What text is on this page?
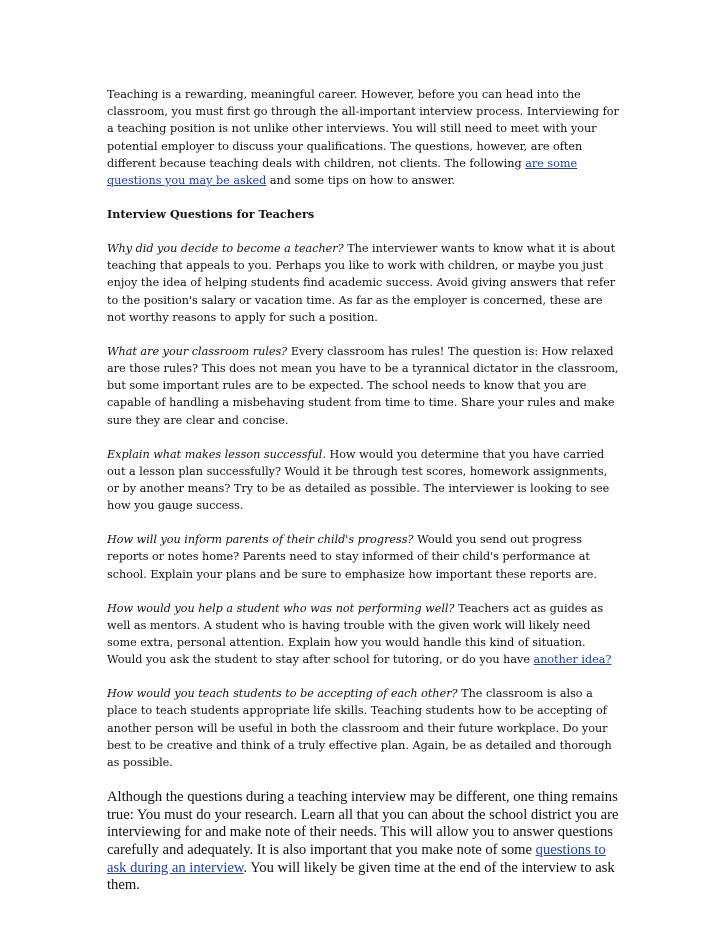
Teaching is a rewarding, meaningful career. However, before you can head into the classroom, you must first go through the all-important interview process. Interviewing for a teaching position is not unlike other interviews. You will still need to meet with your potential employer to discuss your qualifications. The questions, however, are often different because teaching deals with children, not clients. The following are some questions you may be asked and some tips on how to answer.

Interview Questions for Teachers

Why did you decide to become a teacher? The interviewer wants to know what it is about teaching that appeals to you. Perhaps you like to work with children, or maybe you just enjoy the idea of helping students find academic success. Avoid giving answers that refer to the position's salary or vacation time. As far as the employer is concerned, these are not worthy reasons to apply for such a position.

What are your classroom rules? Every classroom has rules! The question is: How relaxed are those rules? This does not mean you have to be a tyrannical dictator in the classroom, but some important rules are to be expected. The school needs to know that you are capable of handling a misbehaving student from time to time. Share your rules and make sure they are clear and concise.

Explain what makes lesson successful. How would you determine that you have carried out a lesson plan successfully? Would it be through test scores, homework assignments, or by another means? Try to be as detailed as possible. The interviewer is looking to see how you gauge success.

How will you inform parents of their child's progress? Would you send out progress reports or notes home? Parents need to stay informed of their child's performance at school. Explain your plans and be sure to emphasize how important these reports are.

How would you help a student who was not performing well? Teachers act as guides as well as mentors. A student who is having trouble with the given work will likely need some extra, personal attention. Explain how you would handle this kind of situation. Would you ask the student to stay after school for tutoring, or do you have another idea?

How would you teach students to be accepting of each other? The classroom is also a place to teach students appropriate life skills. Teaching students how to be accepting of another person will be useful in both the classroom and their future workplace. Do your best to be creative and think of a truly effective plan. Again, be as detailed and thorough as possible.

Although the questions during a teaching interview may be different, one thing remains true: You must do your research. Learn all that you can about the school district you are interviewing for and make note of their needs. This will allow you to answer questions carefully and adequately. It is also important that you make note of some questions to ask during an interview. You will likely be given time at the end of the interview to ask them.
